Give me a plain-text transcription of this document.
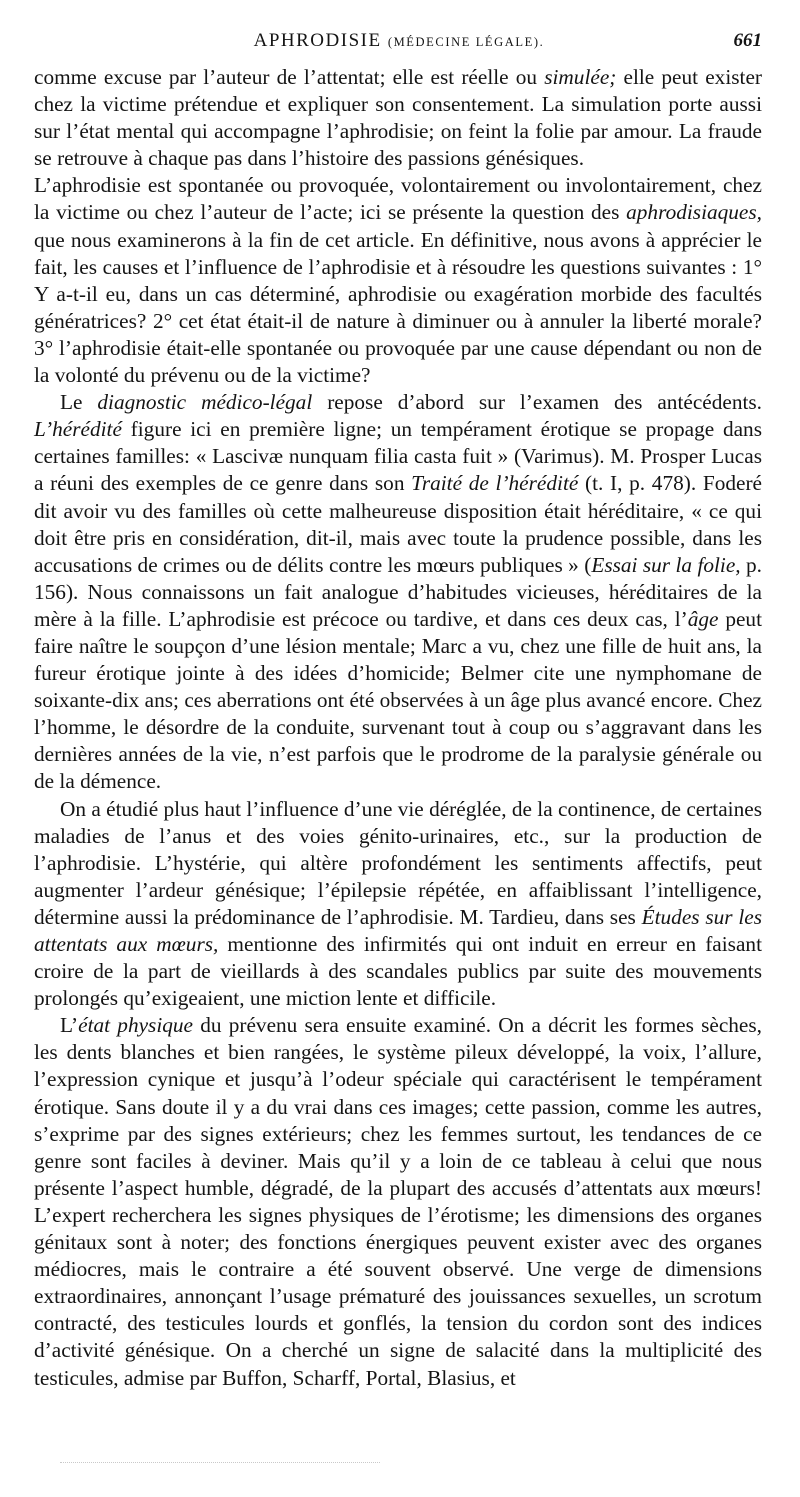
APHRODISIE (MÉDECINE LÉGALE).	661

comme excuse par l’auteur de l’attentat; elle est réelle ou simulée; elle peut exister chez la victime prétendue et expliquer son consentement. La simulation porte aussi sur l’état mental qui accompagne l’aphrodisie; on feint la folie par amour. La fraude se retrouve à chaque pas dans l’histoire des passions génésiques.

L’aphrodisie est spontanée ou provoquée, volontairement ou involontairement, chez la victime ou chez l’auteur de l’acte; ici se présente la question des aphrodisiaques, que nous examinerons à la fin de cet article. En définitive, nous avons à apprécier le fait, les causes et l’influence de l’aphrodisie et à résoudre les questions suivantes : 1° Y a-t-il eu, dans un cas déterminé, aphrodisie ou exagération morbide des facultés génératrices? 2° cet état était-il de nature à diminuer ou à annuler la liberté morale? 3° l’aphrodisie était-elle spontanée ou provoquée par une cause dépendant ou non de la volonté du prévenu ou de la victime?

Le diagnostic médico-légal repose d’abord sur l’examen des antécédents. L’hérédité figure ici en première ligne; un tempérament érotique se propage dans certaines familles: « Lascivæ nunquam filia casta fuit » (Varimus). M. Prosper Lucas a réuni des exemples de ce genre dans son Traité de l’hérédité (t. I, p. 478). Foderé dit avoir vu des familles où cette malheureuse disposition était héréditaire, « ce qui doit être pris en considération, dit-il, mais avec toute la prudence possible, dans les accusations de crimes ou de délits contre les mœurs publiques » (Essai sur la folie, p. 156). Nous connaissons un fait analogue d’habitudes vicieuses, héréditaires de la mère à la fille. L’aphrodisie est précoce ou tardive, et dans ces deux cas, l’âge peut faire naître le soupçon d’une lésion mentale; Marc a vu, chez une fille de huit ans, la fureur érotique jointe à des idées d’homicide; Belmer cite une nymphomane de soixante-dix ans; ces aberrations ont été observées à un âge plus avancé encore. Chez l’homme, le désordre de la conduite, survenant tout à coup ou s’aggravant dans les dernières années de la vie, n’est parfois que le prodrome de la paralysie générale ou de la démence.

On a étudié plus haut l’influence d’une vie déréglée, de la continence, de certaines maladies de l’anus et des voies génito-urinaires, etc., sur la production de l’aphrodisie. L’hystérie, qui altère profondément les sentiments affectifs, peut augmenter l’ardeur génésique; l’épilepsie répétée, en affaiblissant l’intelligence, détermine aussi la prédominance de l’aphrodisie. M. Tardieu, dans ses Études sur les attentats aux mœurs, mentionne des infirmités qui ont induit en erreur en faisant croire de la part de vieillards à des scandales publics par suite des mouvements prolongés qu’exigeaient, une miction lente et difficile.

L’état physique du prévenu sera ensuite examiné. On a décrit les formes sèches, les dents blanches et bien rangées, le système pileux développé, la voix, l’allure, l’expression cynique et jusqu’à l’odeur spéciale qui caractérisent le tempérament érotique. Sans doute il y a du vrai dans ces images; cette passion, comme les autres, s’exprime par des signes extérieurs; chez les femmes surtout, les tendances de ce genre sont faciles à deviner. Mais qu’il y a loin de ce tableau à celui que nous présente l’aspect humble, dégradé, de la plupart des accusés d’attentats aux mœurs! L’expert recherchera les signes physiques de l’érotisme; les dimensions des organes génitaux sont à noter; des fonctions énergiques peuvent exister avec des organes médiocres, mais le contraire a été souvent observé. Une verge de dimensions extraordinaires, annonçant l’usage prématuré des jouissances sexuelles, un scrotum contracté, des testicules lourds et gonflés, la tension du cordon sont des indices d’activité génésique. On a cherché un signe de salacité dans la multiplicité des testicules, admise par Buffon, Scharff, Portal, Blasius, et
